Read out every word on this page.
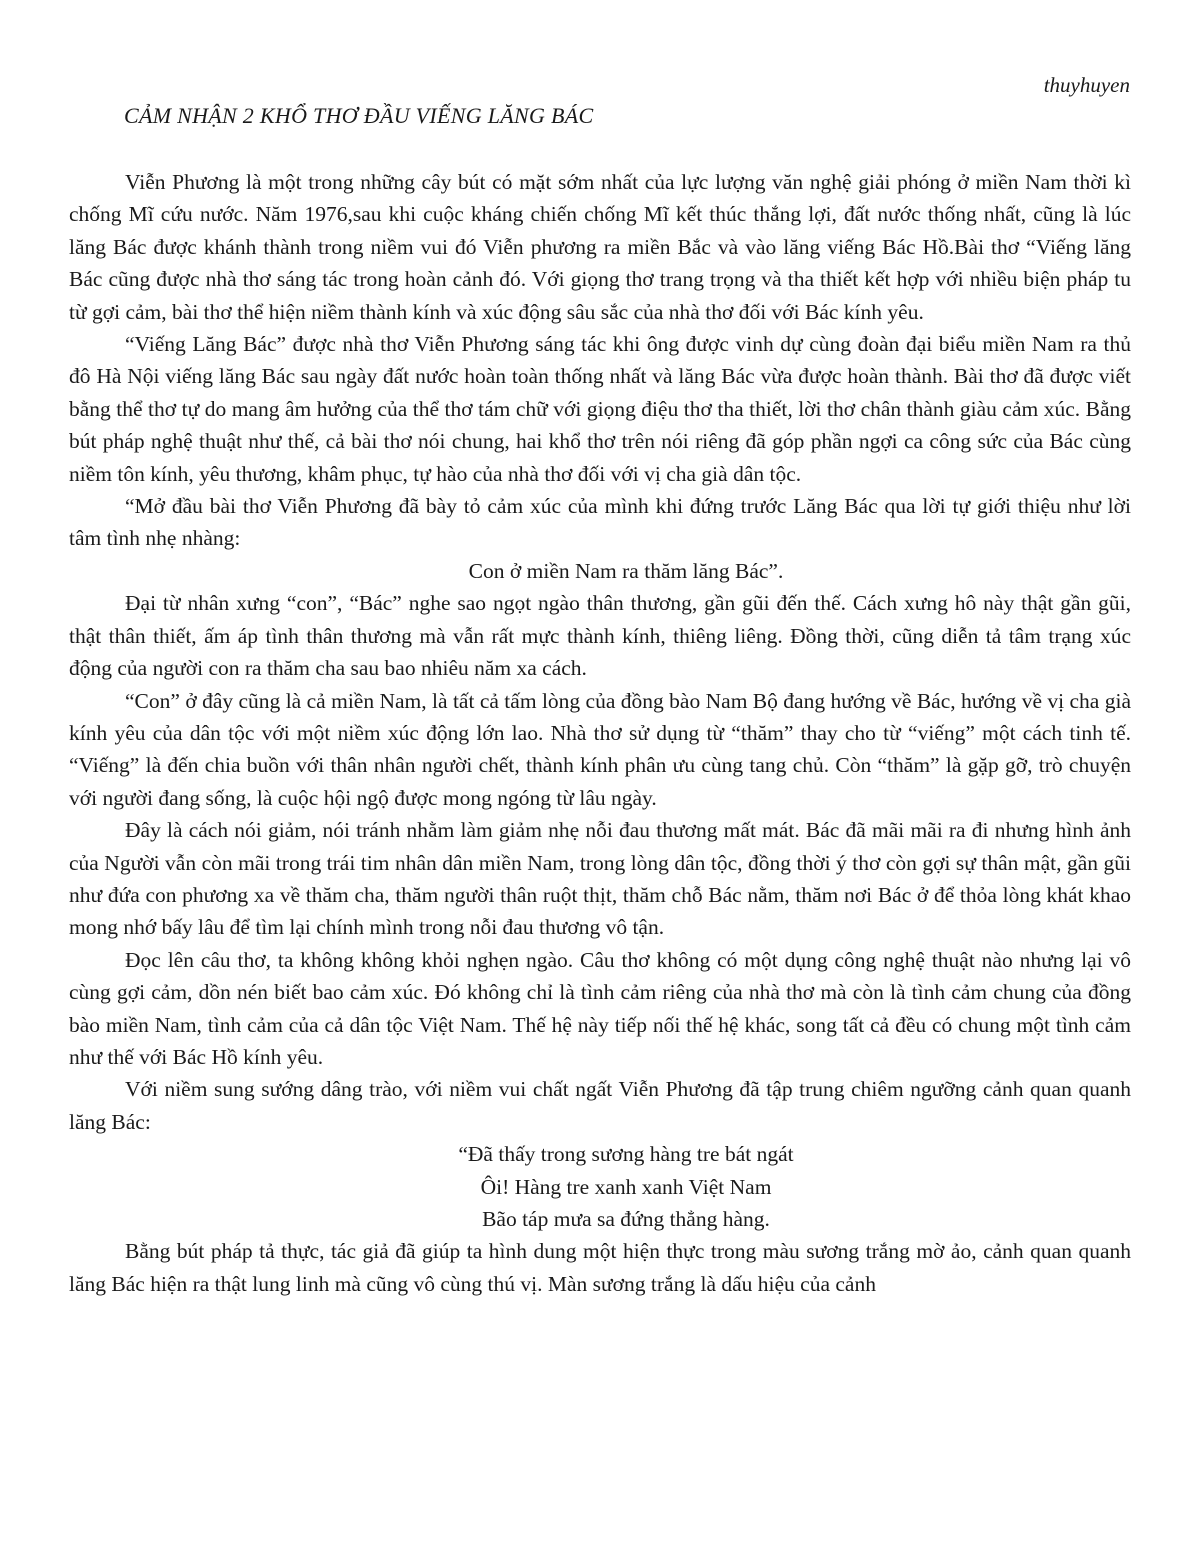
thuyhuyen
CẢM NHẬN 2 KHỔ THƠ ĐẦU VIẾNG LĂNG BÁC

Viễn Phương là một trong những cây bút có mặt sớm nhất của lực lượng văn nghệ giải phóng ở miền Nam thời kì chống Mĩ cứu nước. Năm 1976,sau khi cuộc kháng chiến chống Mĩ kết thúc thắng lợi, đất nước thống nhất, cũng là lúc lăng Bác được khánh thành trong niềm vui đó Viễn phương ra miền Bắc và vào lăng viếng Bác Hồ.Bài thơ “Viếng lăng Bác cũng được nhà thơ sáng tác trong hoàn cảnh đó. Với giọng thơ trang trọng và tha thiết kết hợp với nhiều biện pháp tu từ gợi cảm, bài thơ thể hiện niềm thành kính và xúc động sâu sắc của nhà thơ đối với Bác kính yêu.

“Viếng Lăng Bác” được nhà thơ Viễn Phương sáng tác khi ông được vinh dự cùng đoàn đại biểu miền Nam ra thủ đô Hà Nội viếng lăng Bác sau ngày đất nước hoàn toàn thống nhất và lăng Bác vừa được hoàn thành. Bài thơ đã được viết bằng thể thơ tự do mang âm hưởng của thể thơ tám chữ với giọng điệu thơ tha thiết, lời thơ chân thành giàu cảm xúc. Bằng bút pháp nghệ thuật như thế, cả bài thơ nói chung, hai khổ thơ trên nói riêng đã góp phần ngợi ca công sức của Bác cùng niềm tôn kính, yêu thương, khâm phục, tự hào của nhà thơ đối với vị cha già dân tộc.

“Mở đầu bài thơ Viễn Phương đã bày tỏ cảm xúc của mình khi đứng trước Lăng Bác qua lời tự giới thiệu như lời tâm tình nhẹ nhàng:

Con ở miền Nam ra thăm lăng Bác”.

Đại từ nhân xưng “con”, “Bác” nghe sao ngọt ngào thân thương, gần gũi đến thế. Cách xưng hô này thật gần gũi, thật thân thiết, ấm áp tình thân thương mà vẫn rất mực thành kính, thiêng liêng. Đồng thời, cũng diễn tả tâm trạng xúc động của người con ra thăm cha sau bao nhiêu năm xa cách.

“Con” ở đây cũng là cả miền Nam, là tất cả tấm lòng của đồng bào Nam Bộ đang hướng về Bác, hướng về vị cha già kính yêu của dân tộc với một niềm xúc động lớn lao. Nhà thơ sử dụng từ “thăm” thay cho từ “viếng” một cách tinh tế. “Viếng” là đến chia buồn với thân nhân người chết, thành kính phân ưu cùng tang chủ. Còn “thăm” là gặp gỡ, trò chuyện với người đang sống, là cuộc hội ngộ được mong ngóng từ lâu ngày.

Đây là cách nói giảm, nói tránh nhằm làm giảm nhẹ nỗi đau thương mất mát. Bác đã mãi mãi ra đi nhưng hình ảnh của Người vẫn còn mãi trong trái tim nhân dân miền Nam, trong lòng dân tộc, đồng thời ý thơ còn gợi sự thân mật, gần gũi như đứa con phương xa về thăm cha, thăm người thân ruột thịt, thăm chỗ Bác nằm, thăm nơi Bác ở để thỏa lòng khát khao mong nhớ bấy lâu để tìm lại chính mình trong nỗi đau thương vô tận.

Đọc lên câu thơ, ta không không khỏi nghẹn ngào. Câu thơ không có một dụng công nghệ thuật nào nhưng lại vô cùng gợi cảm, dồn nén biết bao cảm xúc. Đó không chỉ là tình cảm riêng của nhà thơ mà còn là tình cảm chung của đồng bào miền Nam, tình cảm của cả dân tộc Việt Nam. Thế hệ này tiếp nối thế hệ khác, song tất cả đều có chung một tình cảm như thế với Bác Hồ kính yêu.

Với niềm sung sướng dâng trào, với niềm vui chất ngất Viễn Phương đã tập trung chiêm ngưỡng cảnh quan quanh lăng Bác:

“Đã thấy trong sương hàng tre bát ngát

Ôi! Hàng tre xanh xanh Việt Nam

Bão táp mưa sa đứng thẳng hàng.

Bằng bút pháp tả thực, tác giả đã giúp ta hình dung một hiện thực trong màu sương trắng mờ ảo, cảnh quan quanh lăng Bác hiện ra thật lung linh mà cũng vô cùng thú vị. Màn sương trắng là dấu hiệu của cảnh
